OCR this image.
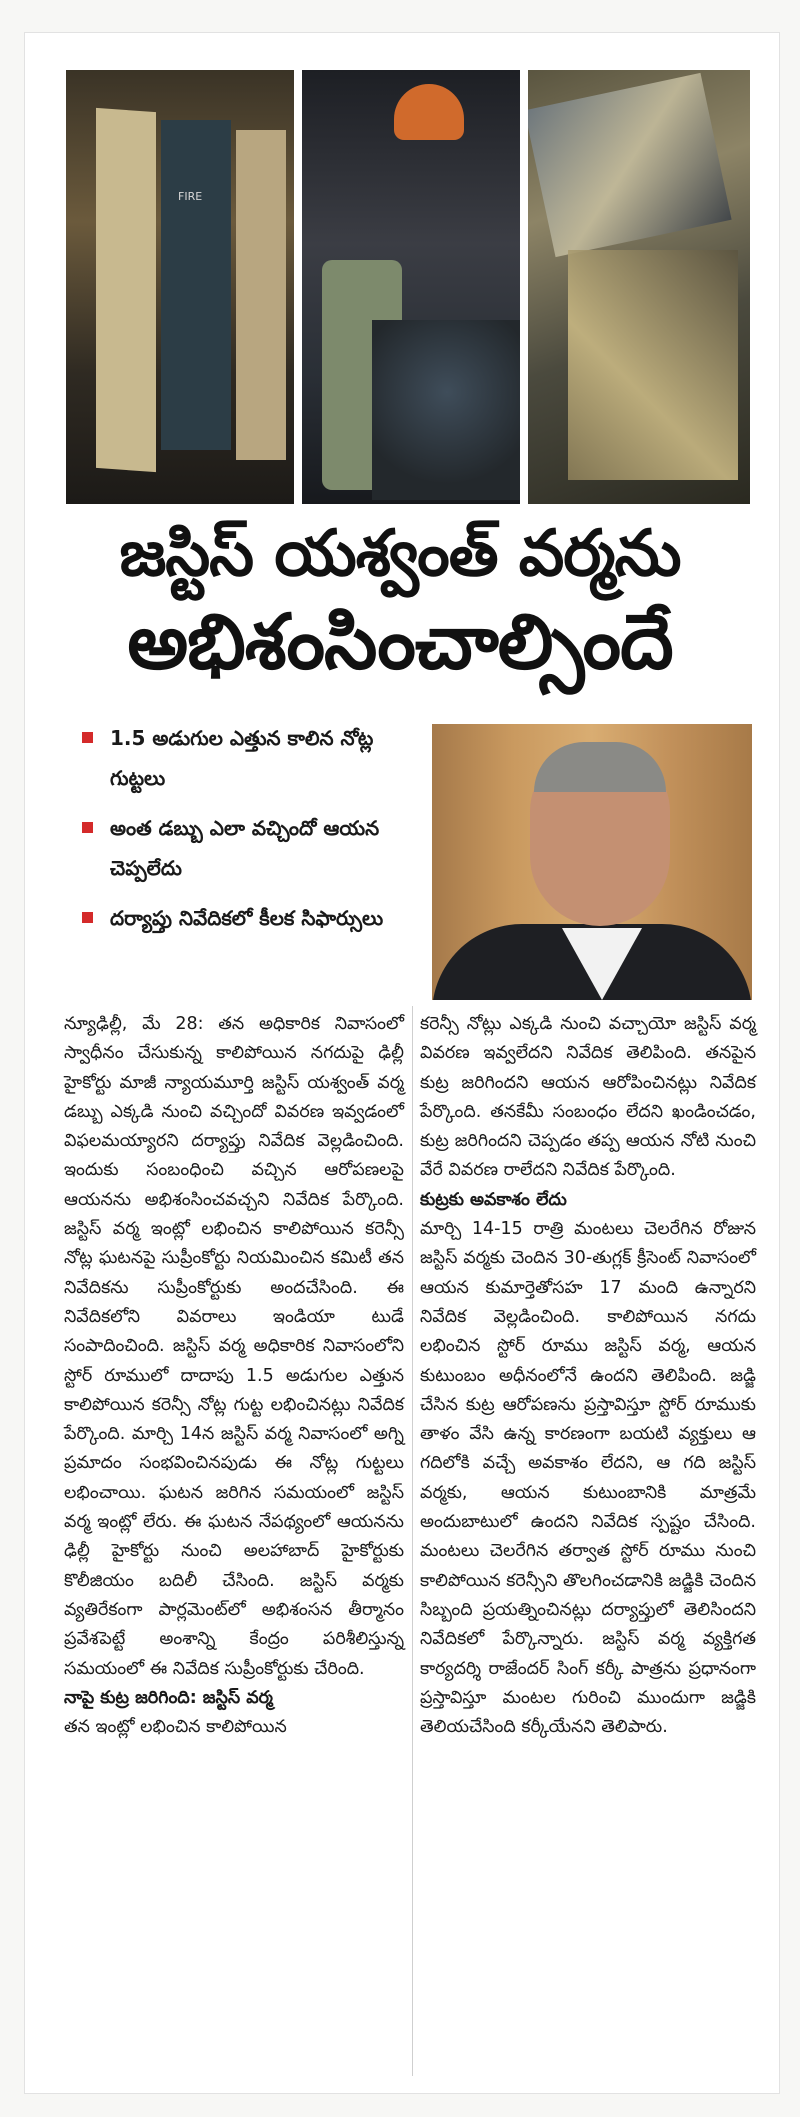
FIRE
జస్టిస్ యశ్వంత్ వర్మను
అభిశంసించాల్సిందే
1.5 అడుగుల ఎత్తున కాలిన నోట్ల గుట్టలు
అంత డబ్బు ఎలా వచ్చిందో ఆయన చెప్పలేదు
దర్యాప్తు నివేదికలో కీలక సిఫార్సులు

న్యూఢిల్లీ, మే 28: తన అధికారిక నివాసంలో స్వాధీనం చేసుకున్న కాలిపోయిన నగదుపై ఢిల్లీ హైకోర్టు మాజీ న్యాయమూర్తి జస్టిస్ యశ్వంత్ వర్మ డబ్బు ఎక్కడి నుంచి వచ్చిందో వివరణ ఇవ్వడంలో విఫలమయ్యారని దర్యాప్తు నివేదిక వెల్లడించింది. ఇందుకు సంబంధించి వచ్చిన ఆరోపణలపై ఆయనను అభిశంసించవచ్చని నివేదిక పేర్కొంది. జస్టిస్ వర్మ ఇంట్లో లభించిన కాలిపోయిన కరెన్సీ నోట్ల ఘటనపై సుప్రీంకోర్టు నియమించిన కమిటీ తన నివేదికను సుప్రీంకోర్టుకు అందచేసింది. ఈ నివేదికలోని వివరాలు ఇండియా టుడే సంపాదించింది. జస్టిస్ వర్మ అధికారిక నివాసంలోని స్టోర్ రూములో దాదాపు 1.5 అడుగుల ఎత్తున కాలిపోయిన కరెన్సీ నోట్ల గుట్ట లభించినట్లు నివేదిక పేర్కొంది. మార్చి 14న జస్టిస్ వర్మ నివాసంలో అగ్ని ప్రమాదం సంభవించినపుడు ఈ నోట్ల గుట్టలు లభించాయి. ఘటన జరిగిన సమయంలో జస్టిస్ వర్మ ఇంట్లో లేరు. ఈ ఘటన నేపథ్యంలో ఆయనను ఢిల్లీ హైకోర్టు నుంచి అలహాబాద్ హైకోర్టుకు కొలీజియం బదిలీ చేసింది. జస్టిస్ వర్మకు వ్యతిరేకంగా పార్లమెంట్‌లో అభిశంసన తీర్మానం ప్రవేశపెట్టే అంశాన్ని కేంద్రం పరిశీలిస్తున్న సమయంలో ఈ నివేదిక సుప్రీంకోర్టుకు చేరింది.

నాపై కుట్ర జరిగింది: జస్టిస్ వర్మ
తన ఇంట్లో లభించిన కాలిపోయిన

కరెన్సీ నోట్లు ఎక్కడి నుంచి వచ్చాయో జస్టిస్ వర్మ వివరణ ఇవ్వలేదని నివేదిక తెలిపింది. తనపైన కుట్ర జరిగిందని ఆయన ఆరోపించినట్లు నివేదిక పేర్కొంది. తనకేమీ సంబంధం లేదని ఖండించడం, కుట్ర జరిగిందని చెప్పడం తప్ప ఆయన నోటి నుంచి వేరే వివరణ రాలేదని నివేదిక పేర్కొంది.

కుట్రకు అవకాశం లేదు

మార్చి 14-15 రాత్రి మంటలు చెలరేగిన రోజున జస్టిస్ వర్మకు చెందిన 30-తుగ్లక్ క్రీసెంట్ నివాసంలో ఆయన కుమార్తెతోసహ 17 మంది ఉన్నారని నివేదిక వెల్లడించింది. కాలిపోయిన నగదు లభించిన స్టోర్ రూము జస్టిస్ వర్మ, ఆయన కుటుంబం అధీనంలోనే ఉందని తెలిపింది. జడ్జి చేసిన కుట్ర ఆరోపణను ప్రస్తావిస్తూ స్టోర్ రూముకు తాళం వేసి ఉన్న కారణంగా బయటి వ్యక్తులు ఆ గదిలోకి వచ్చే అవకాశం లేదని, ఆ గది జస్టిస్ వర్మకు, ఆయన కుటుంబానికి మాత్రమే అందుబాటులో ఉందని నివేదిక స్పష్టం చేసింది. మంటలు చెలరేగిన తర్వాత స్టోర్ రూము నుంచి కాలిపోయిన కరెన్సీని తొలగించడానికి జడ్జికి చెందిన సిబ్బంది ప్రయత్నించినట్లు దర్యాప్తులో తెలిసిందని నివేదికలో పేర్కొన్నారు. జస్టిస్ వర్మ వ్యక్తిగత కార్యదర్శి రాజేందర్ సింగ్ కర్కీ పాత్రను ప్రధానంగా ప్రస్తావిస్తూ మంటల గురించి ముందుగా జడ్జికి తెలియచేసింది కర్కీయేనని తెలిపారు.
